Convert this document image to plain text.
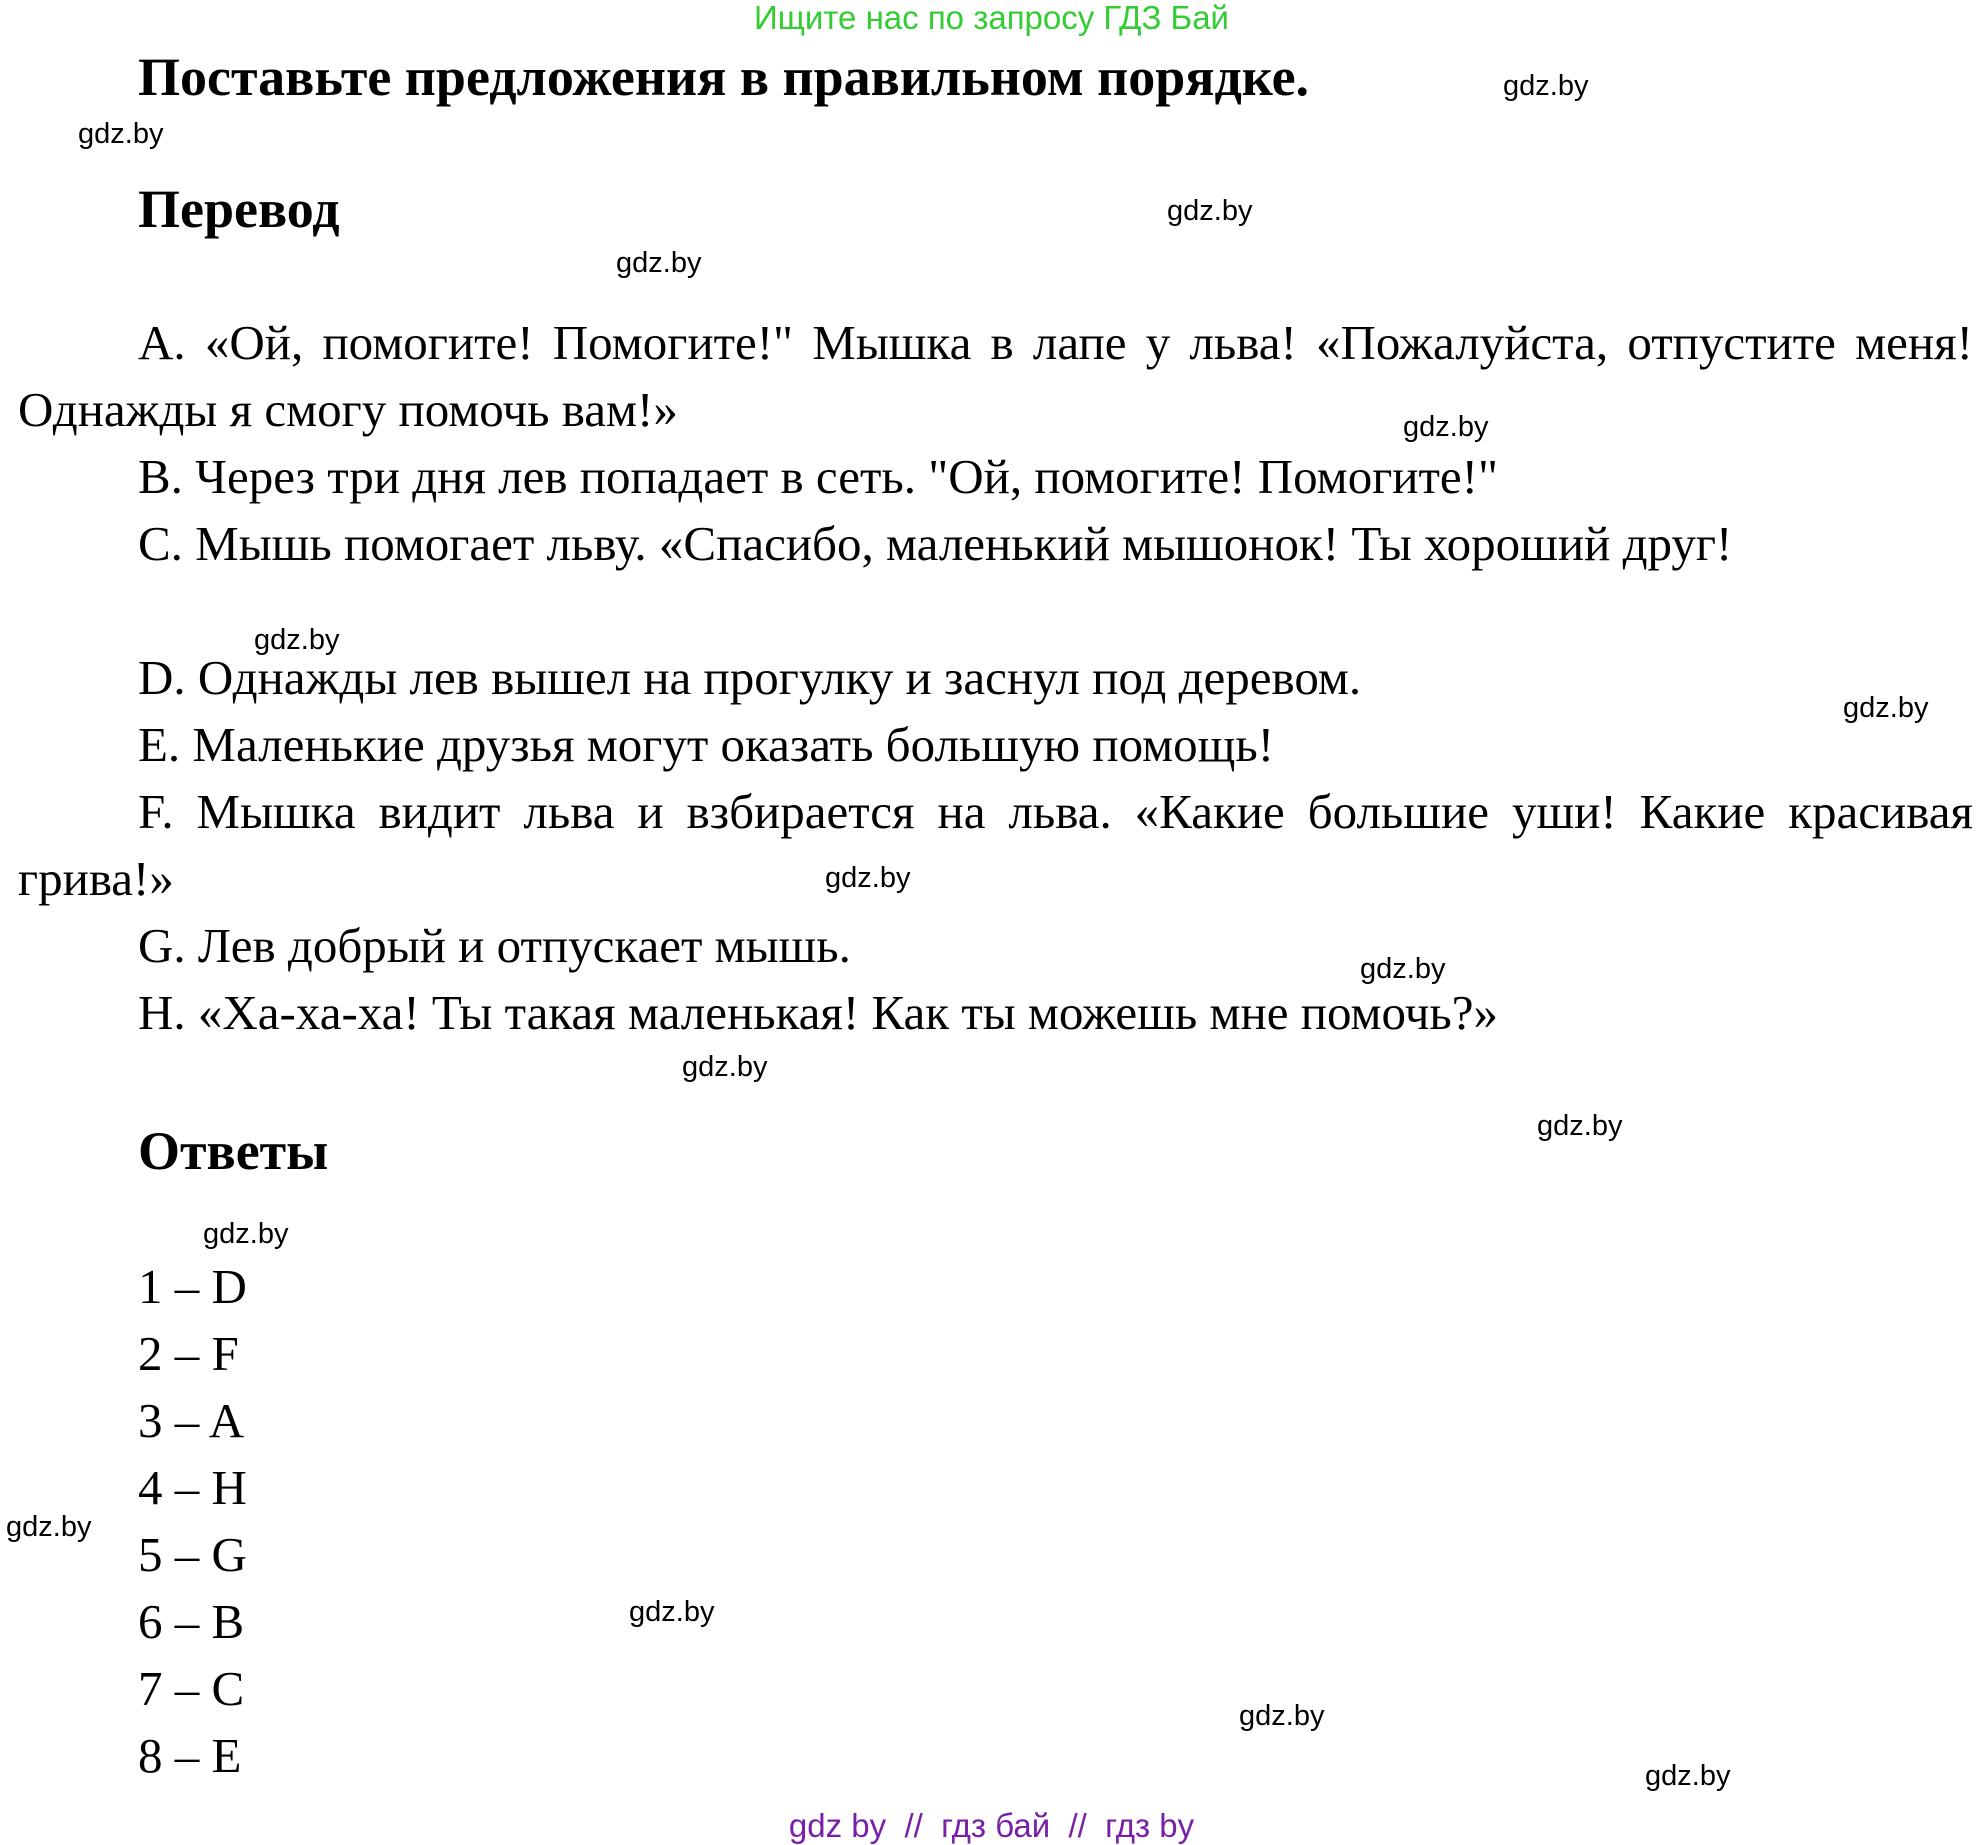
Ищите нас по запросу ГДЗ Бай
Поставьте предложения в правильном порядке.
Перевод
A. «Ой, помогите! Помогите!" Мышка в лапе у льва! «Пожалуйста, отпустите меня! Однажды я смогу помочь вам!»
B. Через три дня лев попадает в сеть. "Ой, помогите! Помогите!"
C. Мышь помогает льву. «Спасибо, маленький мышонок! Ты хороший друг!
D. Однажды лев вышел на прогулку и заснул под деревом.
E. Маленькие друзья могут оказать большую помощь!
F. Мышка видит льва и взбирается на льва. «Какие большие уши! Какие красивая грива!»
G. Лев добрый и отпускает мышь.
H. «Ха-ха-ха! Ты такая маленькая! Как ты можешь мне помочь?»
Ответы
1 – D
2 – F
3 – A
4 – H
5 – G
6 – B
7 – C
8 – E
gdz.by
gdz.by
gdz.by
gdz.by
gdz.by
gdz.by
gdz.by
gdz.by
gdz.by
gdz.by
gdz.by
gdz.by
gdz.by
gdz.by
gdz.by
gdz.by
gdz by  //  гдз бай  //  гдз by
